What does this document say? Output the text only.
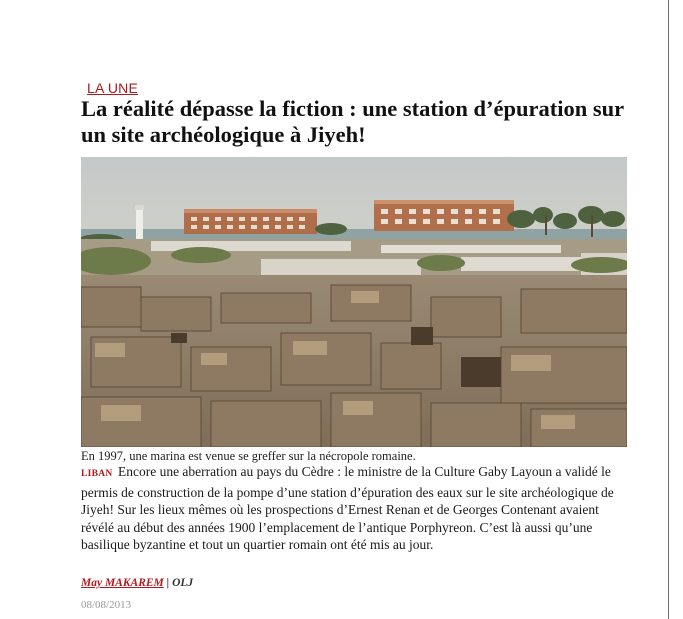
LA UNE
La réalité dépasse la fiction : une station d’épuration sur un site archéologique à Jiyeh!
En 1997, une marina est venue se greffer sur la nécropole romaine.
LIBAN Encore une aberration au pays du Cèdre : le ministre de la Culture Gaby Layoun a validé le permis de construction de la pompe d’une station d’épuration des eaux sur le site archéologique de Jiyeh! Sur les lieux mêmes où les prospections d’Ernest Renan et de Georges Contenant avaient révélé au début des années 1900 l’emplacement de l’antique Porphyreon. C’est là aussi qu’une basilique byzantine et tout un quartier romain ont été mis au jour.
May MAKAREM | OLJ
08/08/2013
